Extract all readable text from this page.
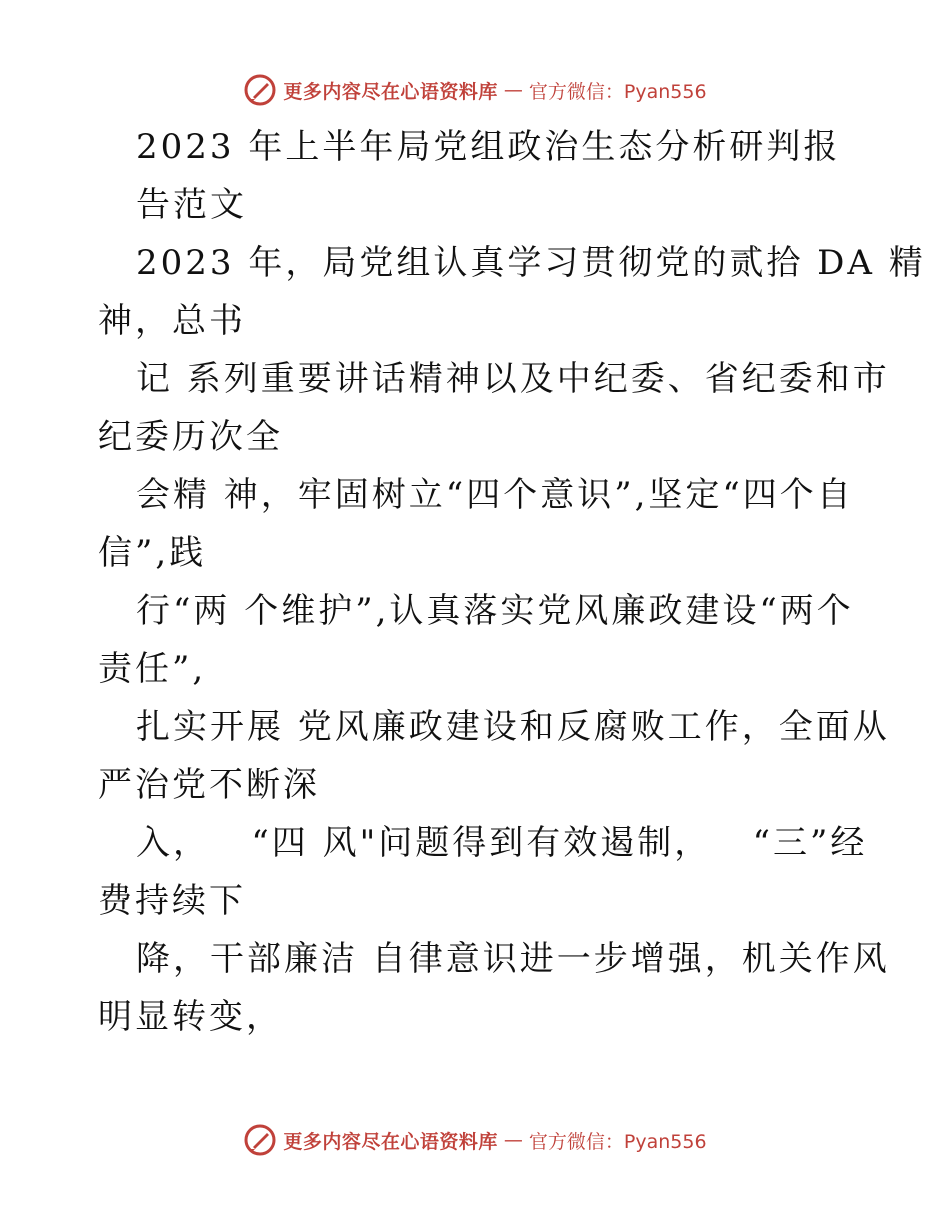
更多内容尽在心语资料库 — 官方微信：Pyan556
2023 年上半年局党组政治生态分析研判报
告范文
2023 年，局党组认真学习贯彻党的贰拾 DA 精
神，总书
记 系列重要讲话精神以及中纪委、省纪委和市
纪委历次全
会精 神，牢固树立“四个意识”,坚定“四个自
信”,践
行“两 个维护”,认真落实党风廉政建设“两个
责任”,
扎实开展 党风廉政建设和反腐败工作，全面从
严治党不断深
入，   “四 风"问题得到有效遏制，   “三”经
费持续下
降，干部廉洁 自律意识进一步增强，机关作风
明显转变，
更多内容尽在心语资料库 — 官方微信：Pyan556
